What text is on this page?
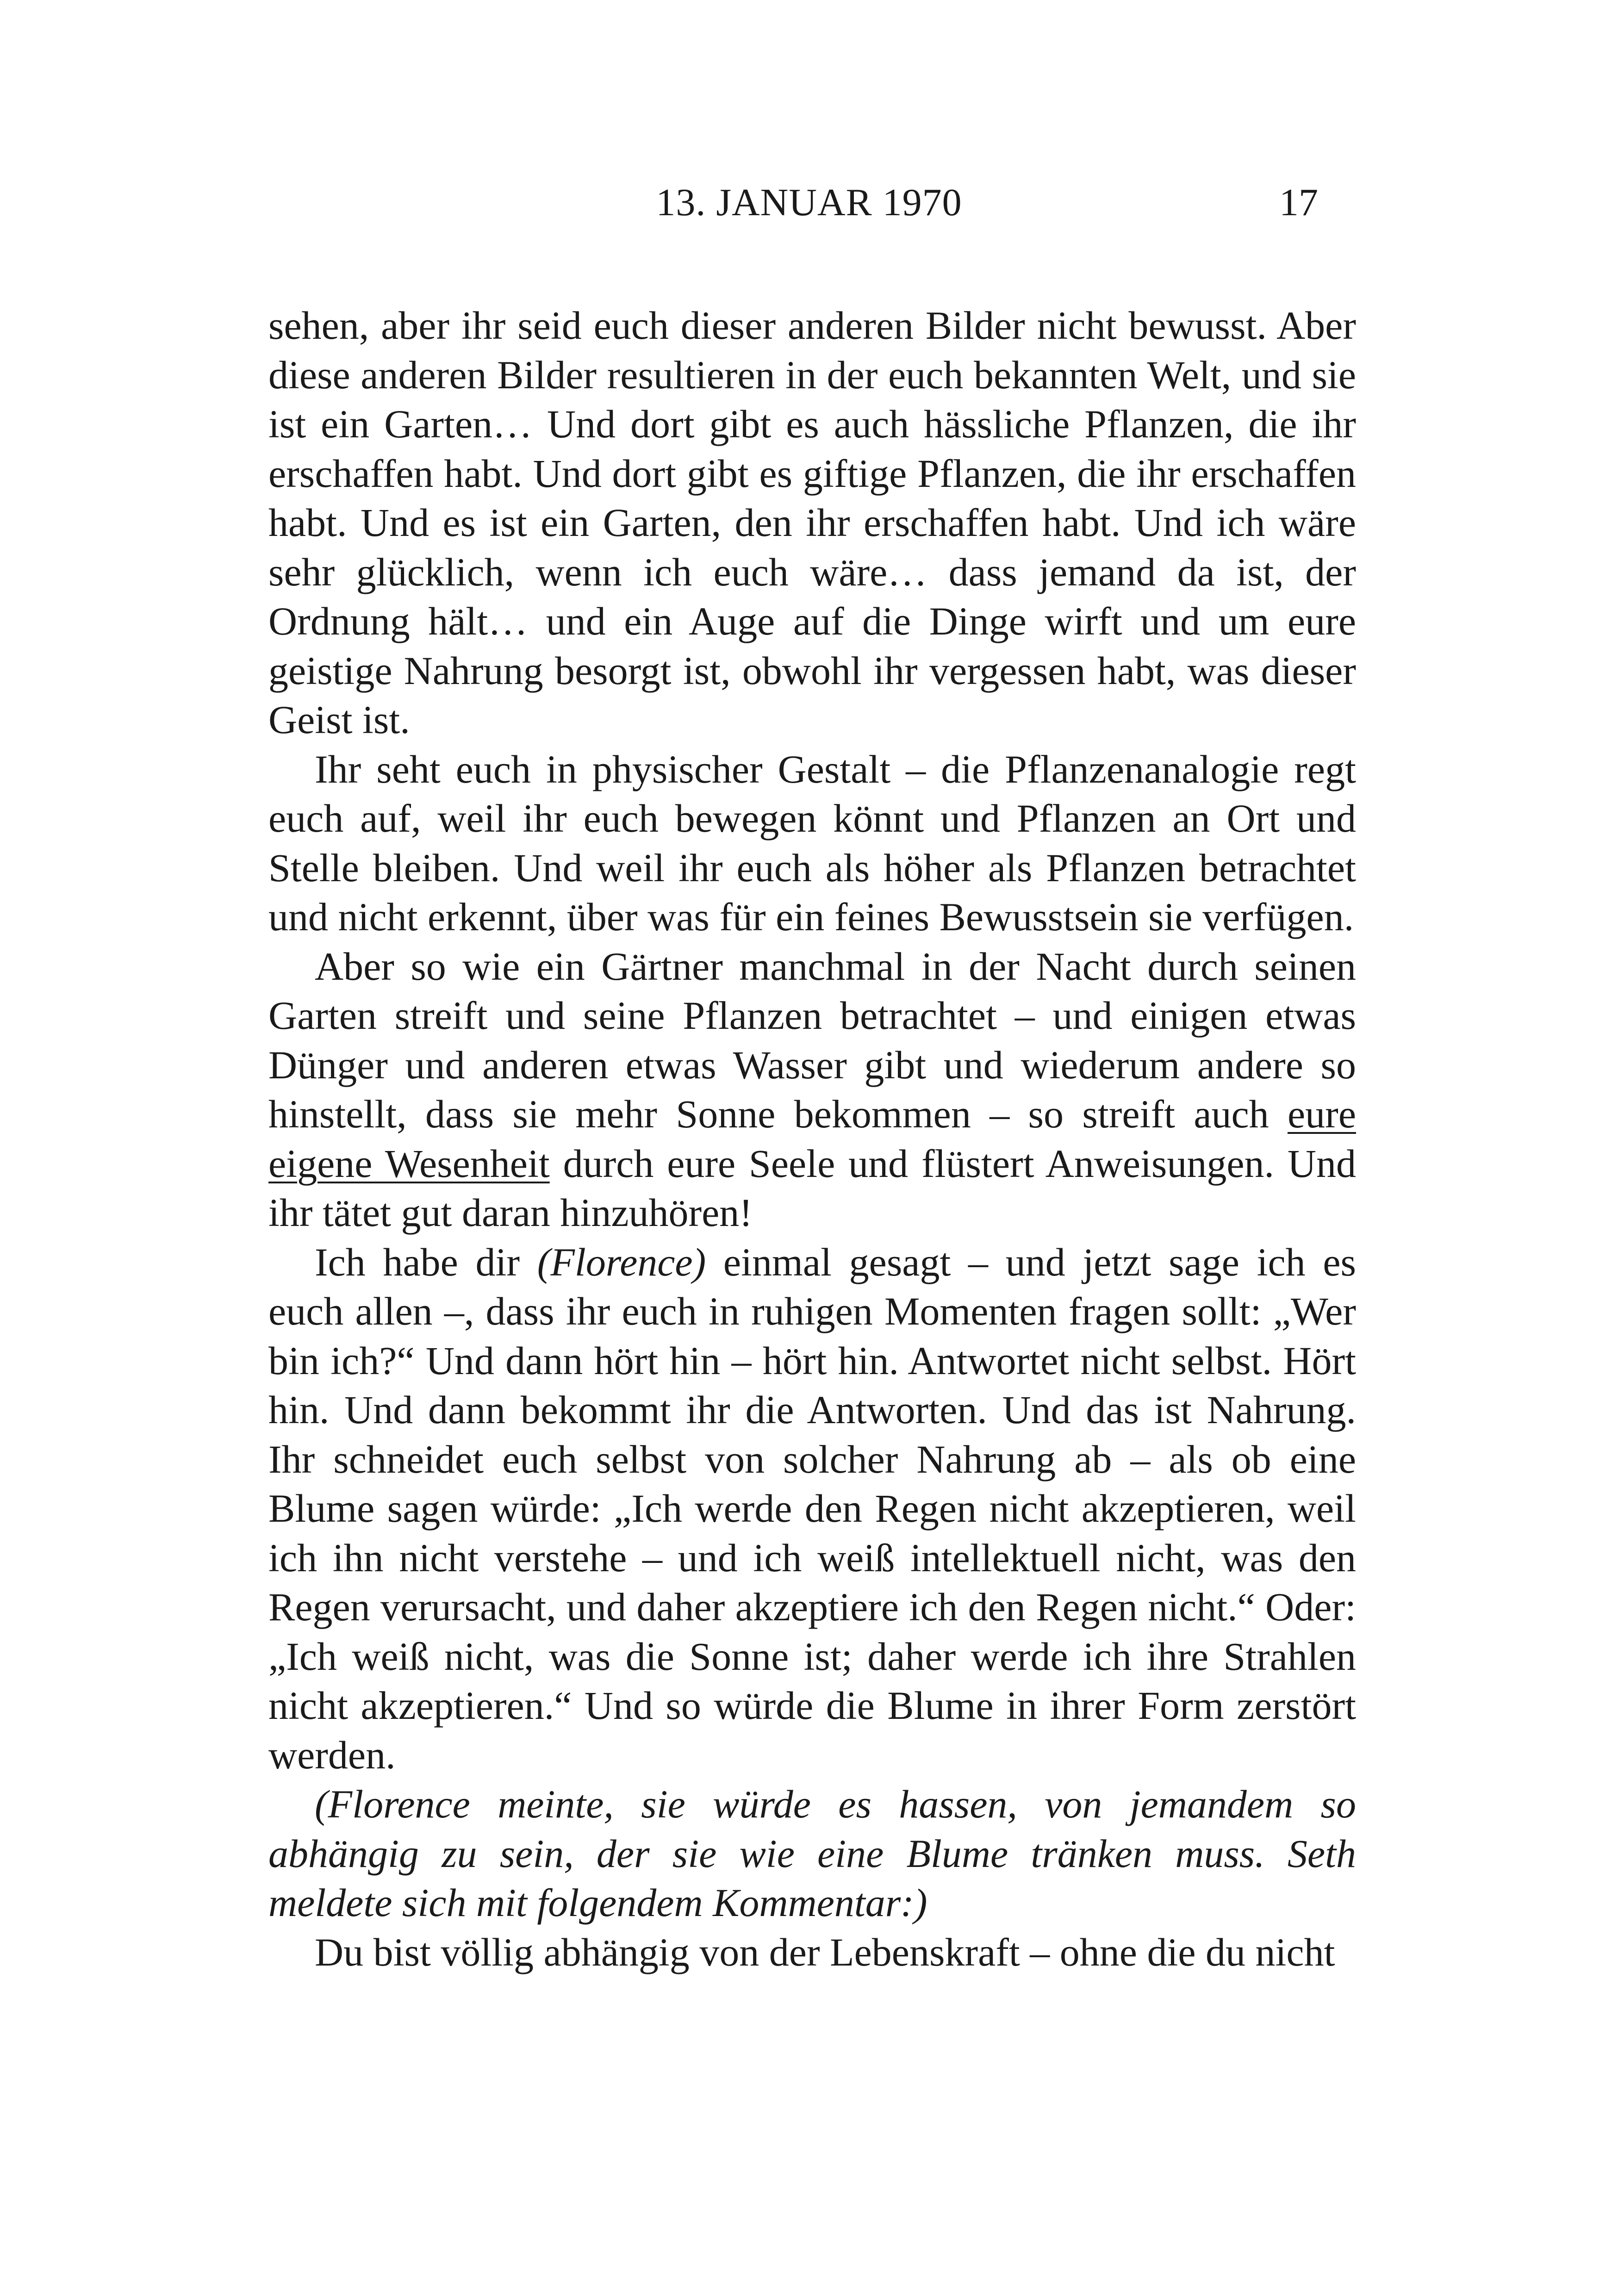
13. JANUAR 1970	17

sehen, aber ihr seid euch dieser anderen Bilder nicht bewusst. Aber diese anderen Bilder resultieren in der euch bekannten Welt, und sie ist ein Garten… Und dort gibt es auch hässliche Pflanzen, die ihr erschaffen habt. Und dort gibt es giftige Pflanzen, die ihr erschaffen habt. Und es ist ein Garten, den ihr erschaffen habt. Und ich wäre sehr glücklich, wenn ich euch wäre… dass jemand da ist, der Ordnung hält… und ein Auge auf die Dinge wirft und um eure geistige Nahrung besorgt ist, obwohl ihr vergessen habt, was dieser Geist ist.

Ihr seht euch in physischer Gestalt – die Pflanzenanalogie regt euch auf, weil ihr euch bewegen könnt und Pflanzen an Ort und Stelle bleiben. Und weil ihr euch als höher als Pflanzen betrachtet und nicht erkennt, über was für ein feines Bewusstsein sie verfügen.

Aber so wie ein Gärtner manchmal in der Nacht durch seinen Garten streift und seine Pflanzen betrachtet – und einigen etwas Dünger und anderen etwas Wasser gibt und wiederum andere so hinstellt, dass sie mehr Sonne bekommen – so streift auch eure eigene Wesenheit durch eure Seele und flüstert Anweisungen. Und ihr tätet gut daran hinzuhören!

Ich habe dir (Florence) einmal gesagt – und jetzt sage ich es euch allen –, dass ihr euch in ruhigen Momenten fragen sollt: „Wer bin ich?“ Und dann hört hin – hört hin. Antwortet nicht selbst. Hört hin. Und dann bekommt ihr die Antworten. Und das ist Nahrung. Ihr schneidet euch selbst von solcher Nahrung ab – als ob eine Blume sagen würde: „Ich werde den Regen nicht akzeptieren, weil ich ihn nicht verstehe – und ich weiß intellektuell nicht, was den Regen verursacht, und daher akzeptiere ich den Regen nicht.“ Oder: „Ich weiß nicht, was die Sonne ist; daher werde ich ihre Strahlen nicht akzeptieren.“ Und so würde die Blume in ihrer Form zerstört werden.

(Florence meinte, sie würde es hassen, von jemandem so abhängig zu sein, der sie wie eine Blume tränken muss. Seth meldete sich mit folgendem Kommentar:)

Du bist völlig abhängig von der Lebenskraft – ohne die du nicht
